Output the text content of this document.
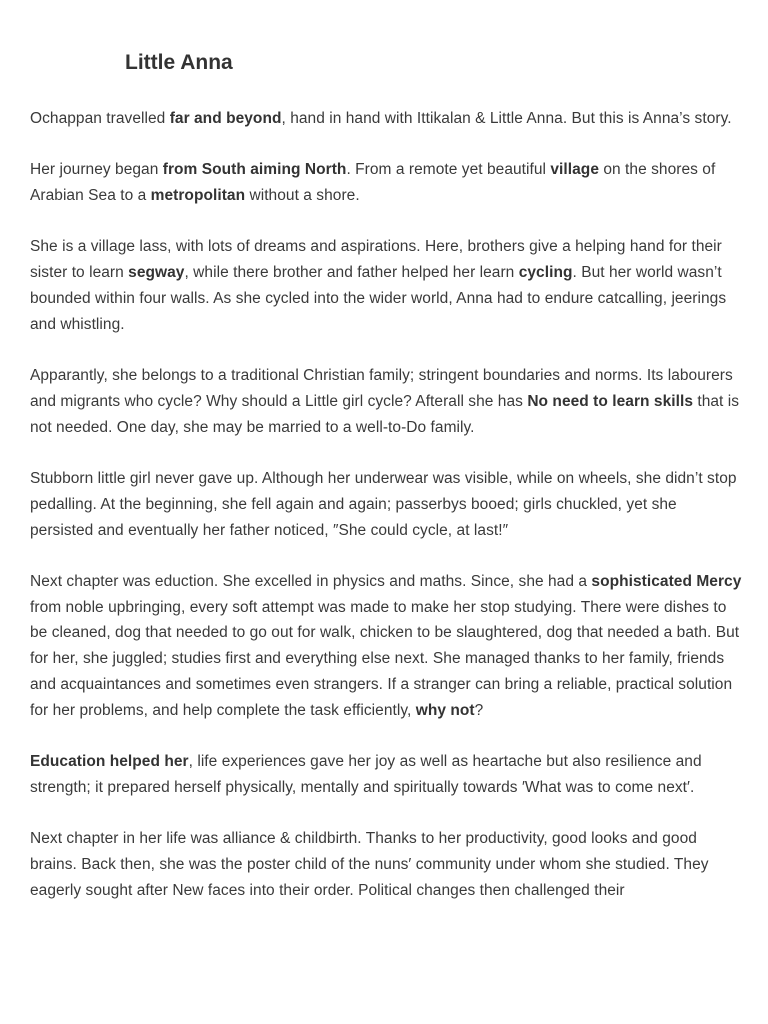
Little Anna

Ochappan travelled far and beyond, hand in hand with Ittikalan & Little Anna. But this is Anna’s story.

Her journey began from South aiming North. From a remote yet beautiful village on the shores of Arabian Sea to a metropolitan without a shore.

She is a village lass, with lots of dreams and aspirations. Here, brothers give a helping hand for their sister to learn segway, while there brother and father helped her learn cycling. But her world wasn’t bounded within four walls. As she cycled into the wider world, Anna had to endure catcalling, jeerings and whistling.

Apparantly, she belongs to a traditional Christian family; stringent boundaries and norms. Its labourers and migrants who cycle? Why should a Little girl cycle? Afterall she has No need to learn skills that is not needed. One day, she may be married to a well-to-Do family.

Stubborn little girl never gave up. Although her underwear was visible, while on wheels, she didn’t stop pedalling. At the beginning, she fell again and again; passerbys booed; girls chuckled, yet she persisted and eventually her father noticed, ″She could cycle, at last!″

Next chapter was eduction. She excelled in physics and maths. Since, she had a sophisticated Mercy from noble upbringing, every soft attempt was made to make her stop studying. There were dishes to be cleaned, dog that needed to go out for walk, chicken to be slaughtered, dog that needed a bath. But for her, she juggled; studies first and everything else next. She managed thanks to her family, friends and acquaintances and sometimes even strangers. If a stranger can bring a reliable, practical solution for her problems, and help complete the task efficiently, why not?

Education helped her, life experiences gave her joy as well as heartache but also resilience and strength; it prepared herself physically, mentally and spiritually towards ′What was to come next′.

Next chapter in her life was alliance & childbirth. Thanks to her productivity, good looks and good brains. Back then, she was the poster child of the nuns′ community under whom she studied. They eagerly sought after New faces into their order. Political changes then challenged their
